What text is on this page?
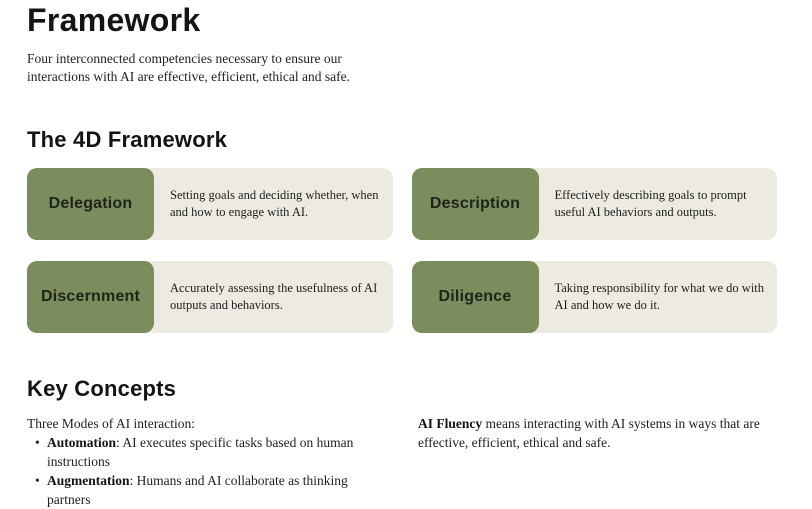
Framework

Four interconnected competencies necessary to ensure our interactions with AI are effective, efficient, ethical and safe.

The 4D Framework
Delegation	Setting goals and deciding whether, when and how to engage with AI.	Description	Effectively describing goals to prompt useful AI behaviors and outputs.
Discernment	Accurately assessing the usefulness of AI outputs and behaviors.	Diligence	Taking responsibility for what we do with AI and how we do it.
Key Concepts

Three Modes of AI interaction:

• Automation: AI executes specific tasks based on human instructions
• Augmentation: Humans and AI collaborate as thinking partners

AI Fluency means interacting with AI systems in ways that are effective, efficient, ethical and safe.
